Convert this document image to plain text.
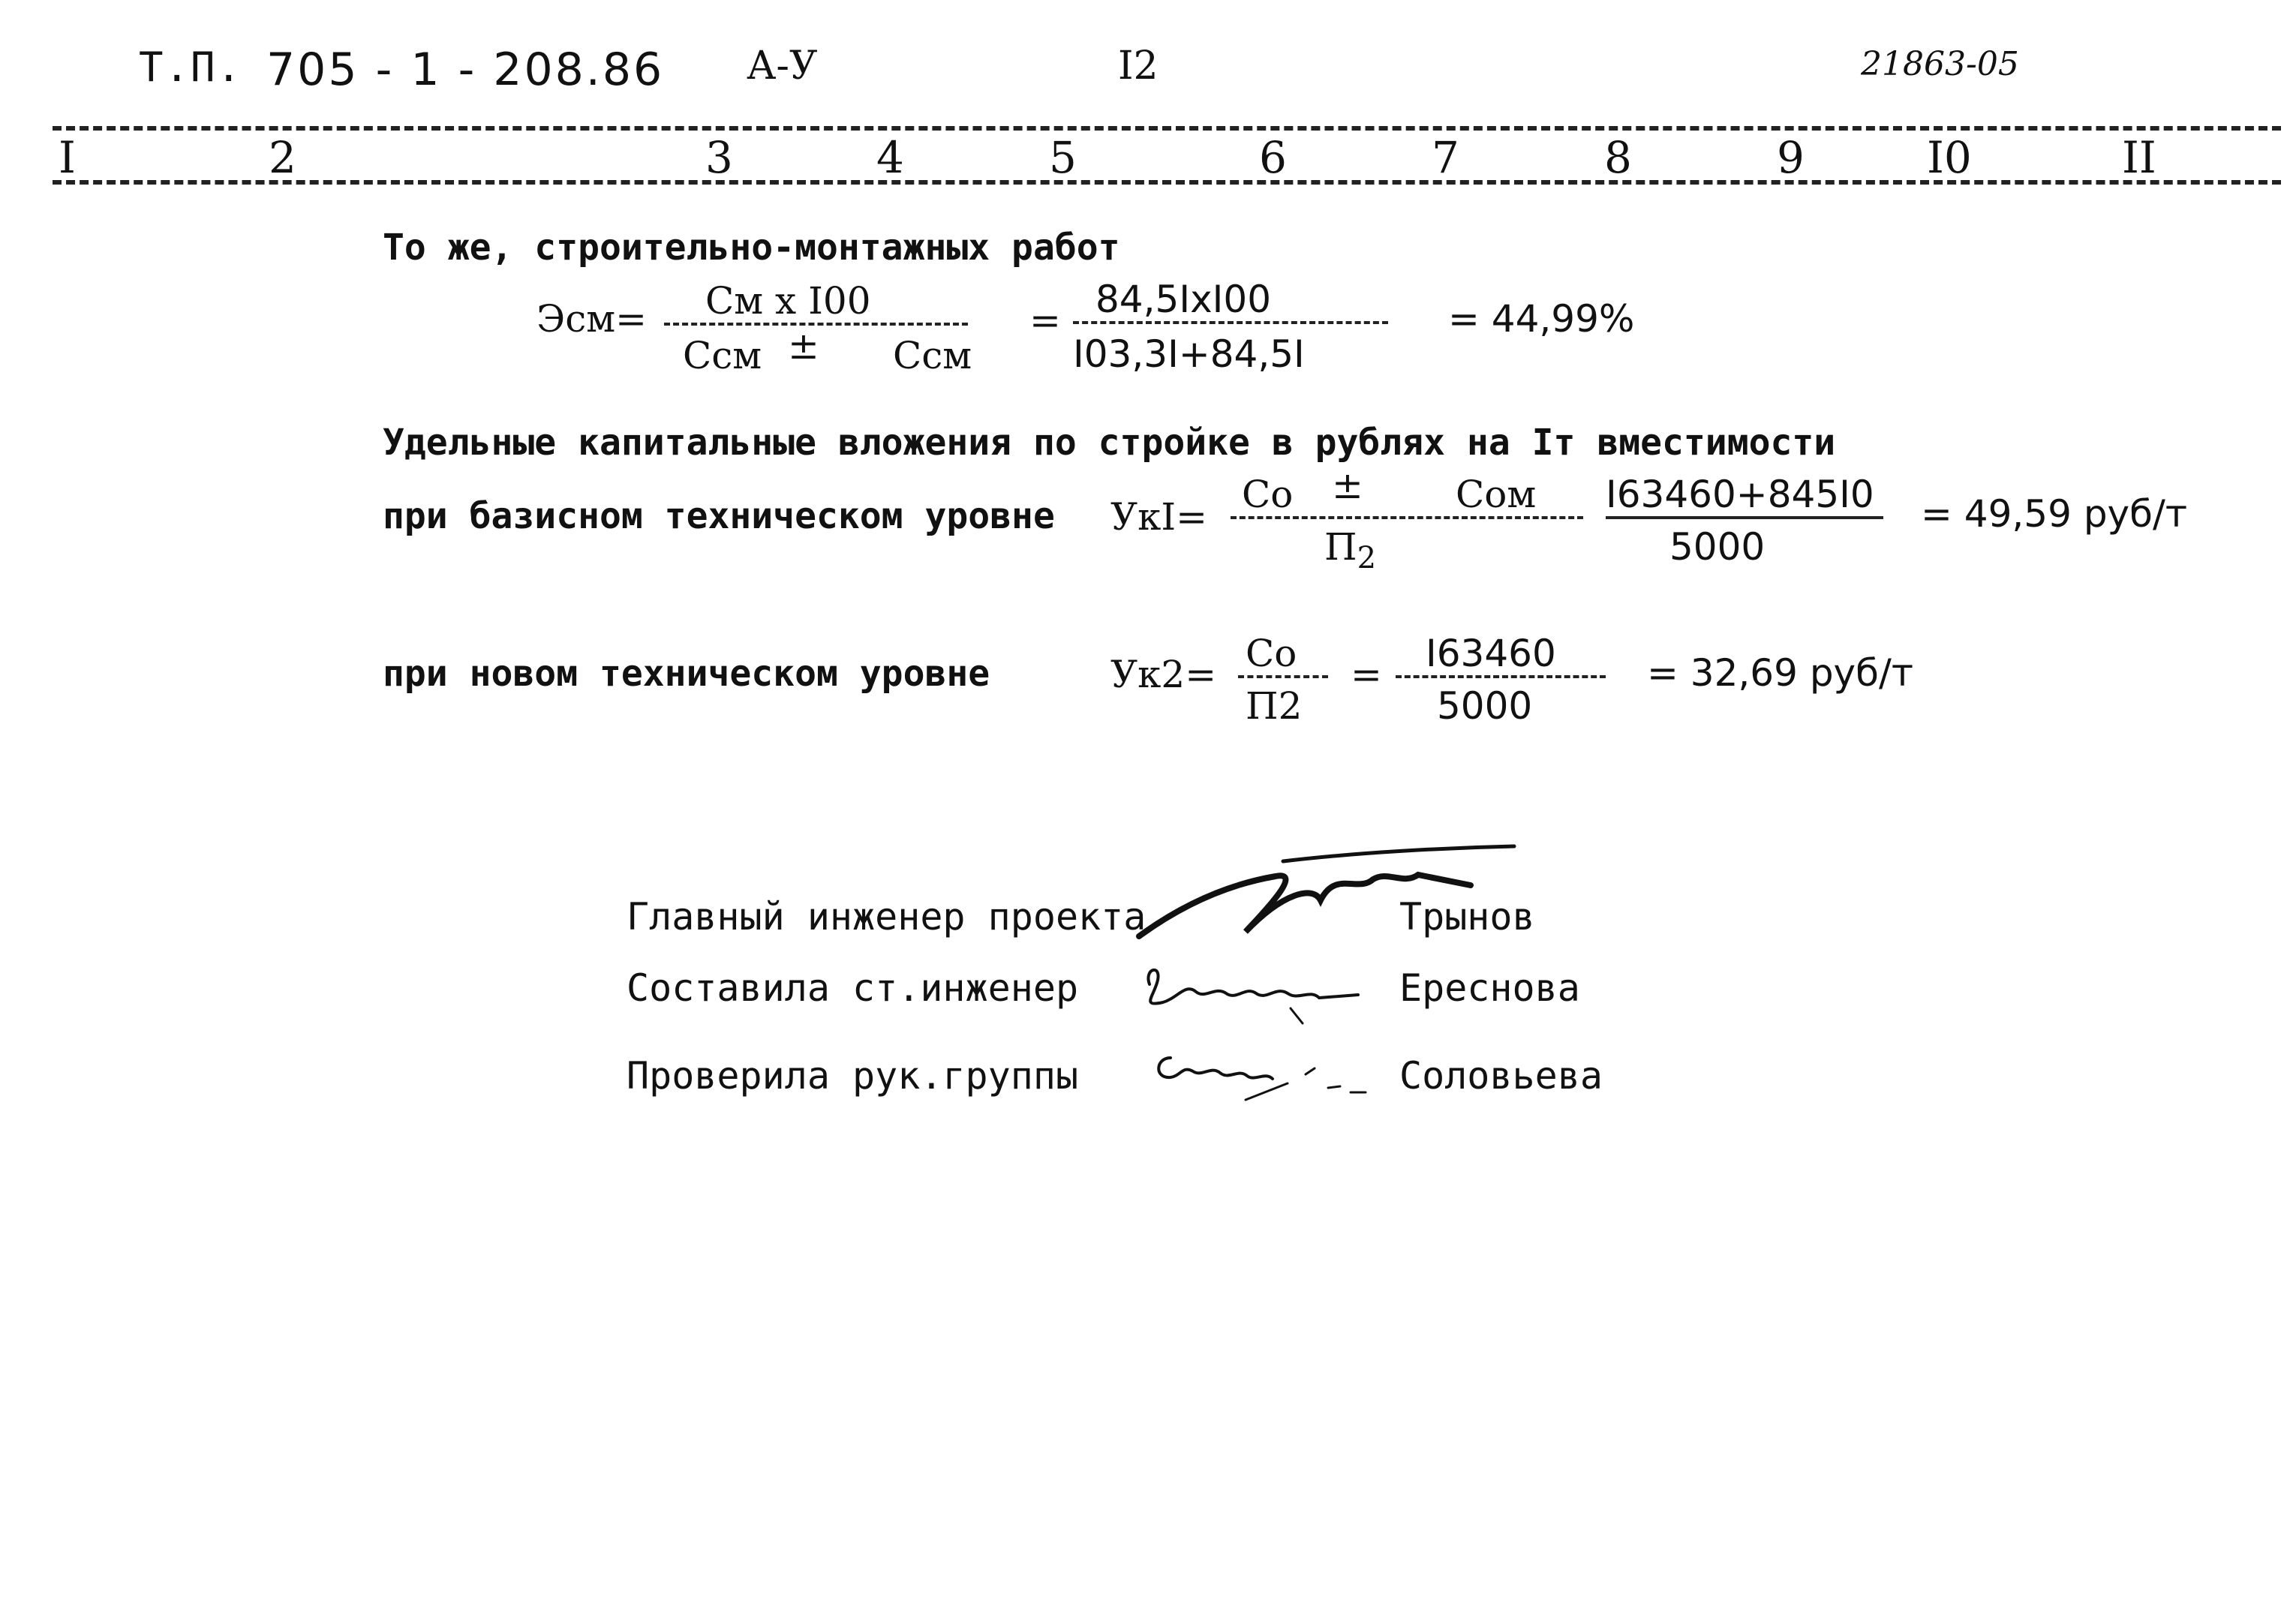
Т.П. 705 - 1 - 208.86 А-У	I2	21863-05
I	2	3	4	5	6	7	8	9	I0	II
То же, строительно-монтажных работ
Эсм= См х I00
Ссм ± Ссм
= 84,5IхI00
I03,3I+84,5I
= 44,99%
Удельные капитальные вложения по стройке в рублях на Iт вместимости
при базисном техническом уровне УкI=
Со ± Сом
$П_2$
I63460+845I0
5000
= 49,59 руб/т
при новом техническом уровне	Ук2= Со
П2
= I63460
5000
= 32,69 руб/т
Главный инженер проекта	Трынов
Составила ст.инженер	Ереснова
Проверила рук.группы	Соловьева
